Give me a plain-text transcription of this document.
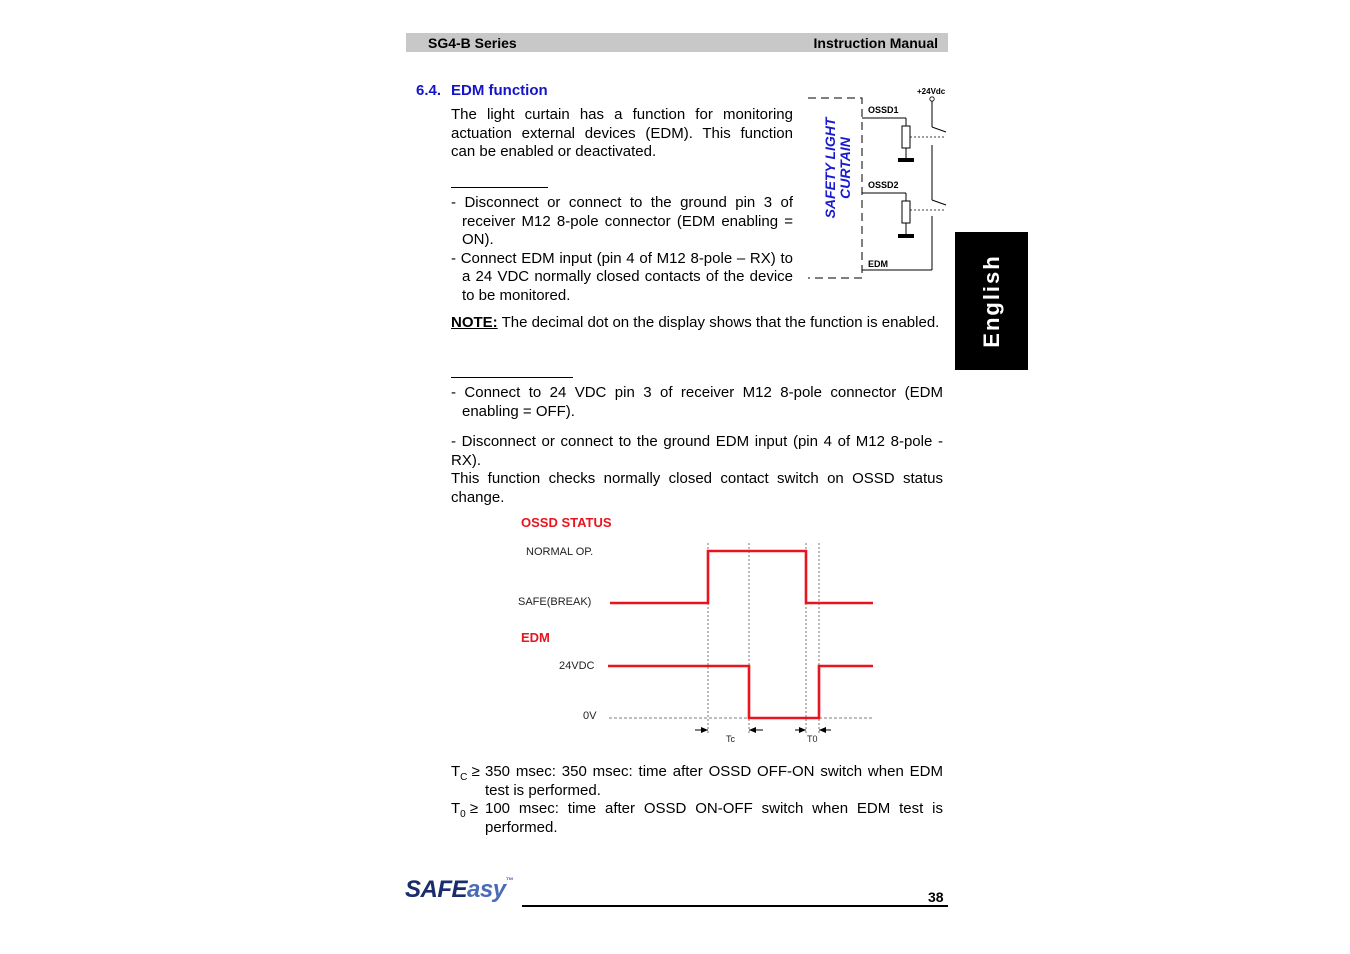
SG4-B Series	Instruction Manual
6.4. EDM function
The light curtain has a function for monitoring actuation external devices (EDM). This function can be enabled or deactivated.
- Disconnect or connect to the ground pin 3 of receiver M12 8-pole connector (EDM enabling = ON).
- Connect EDM input (pin 4 of M12 8-pole – RX) to a 24 VDC normally closed contacts of the device to be monitored.
NOTE: The decimal dot on the display shows that the function is enabled.
- Connect to 24 VDC pin 3 of receiver M12 8-pole connector (EDM enabling = OFF).
- Disconnect or connect to the ground EDM input (pin 4 of M12 8-pole - RX).
This function checks normally closed contact switch on OSSD status change.
SAFETY LIGHT CURTAIN
+24Vdc
OSSD1
OSSD2
EDM	English
OSSD STATUS
NORMAL OP.
SAFE(BREAK)
EDM
24VDC
0V
Tc	T0
$T_C \ge 350$ msec: 350 msec: time after OSSD OFF-ON switch when EDM test is performed.
$T_0 \ge 100$ msec: time after OSSD ON-OFF switch when EDM test is performed.
SAFEasy™
38
